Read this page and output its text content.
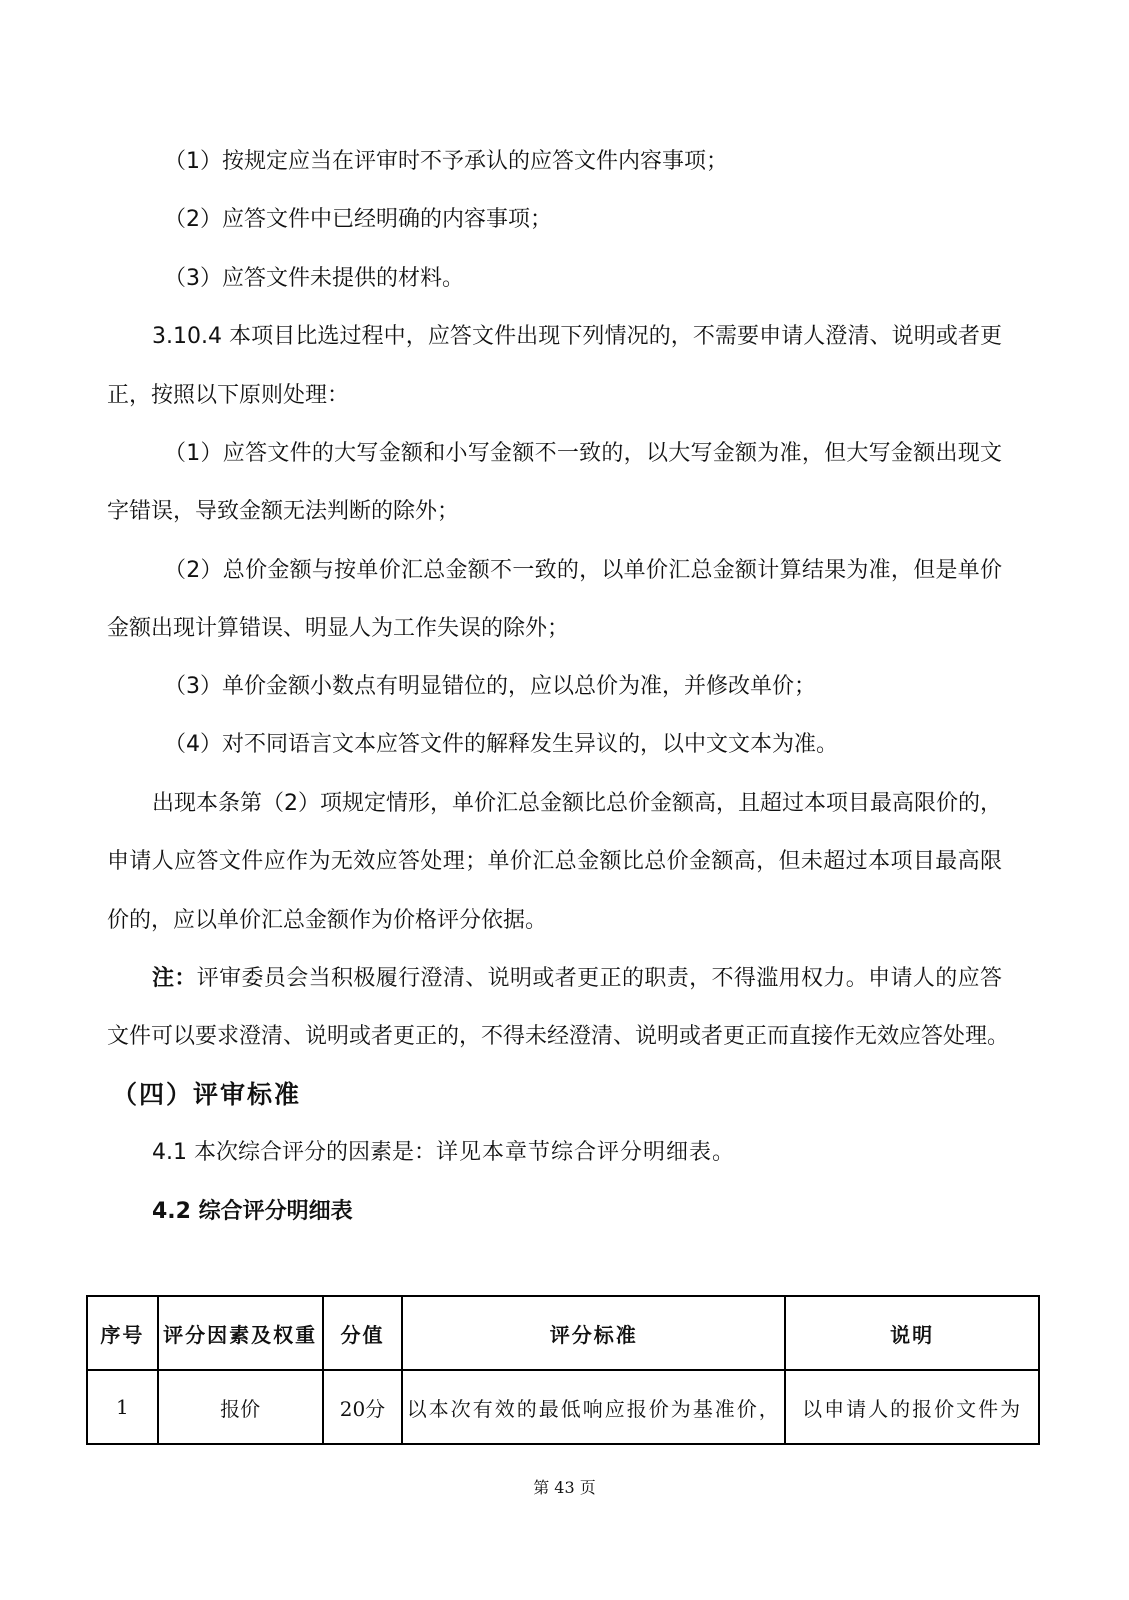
（1）按规定应当在评审时不予承认的应答文件内容事项；
（2）应答文件中已经明确的内容事项；
（3）应答文件未提供的材料。
3.10.4 本项目比选过程中，应答文件出现下列情况的，不需要申请人澄清、说明或者更
正，按照以下原则处理：
（1）应答文件的大写金额和小写金额不一致的，以大写金额为准，但大写金额出现文
字错误，导致金额无法判断的除外；
（2）总价金额与按单价汇总金额不一致的，以单价汇总金额计算结果为准，但是单价
金额出现计算错误、明显人为工作失误的除外；
（3）单价金额小数点有明显错位的，应以总价为准，并修改单价；
（4）对不同语言文本应答文件的解释发生异议的，以中文文本为准。
出现本条第（2）项规定情形，单价汇总金额比总价金额高，且超过本项目最高限价的，
申请人应答文件应作为无效应答处理；单价汇总金额比总价金额高，但未超过本项目最高限
价的，应以单价汇总金额作为价格评分依据。
注：评审委员会当积极履行澄清、说明或者更正的职责，不得滥用权力。申请人的应答
文件可以要求澄清、说明或者更正的，不得未经澄清、说明或者更正而直接作无效应答处理。
（四）评审标准
4.1 本次综合评分的因素是：详见本章节综合评分明细表。
4.2 综合评分明细表
序号	评分因素及权重	分值	评分标准	说明
1	报价	20分	以本次有效的最低响应报价为基准价，	以申请人的报价文件为
第 43 页
